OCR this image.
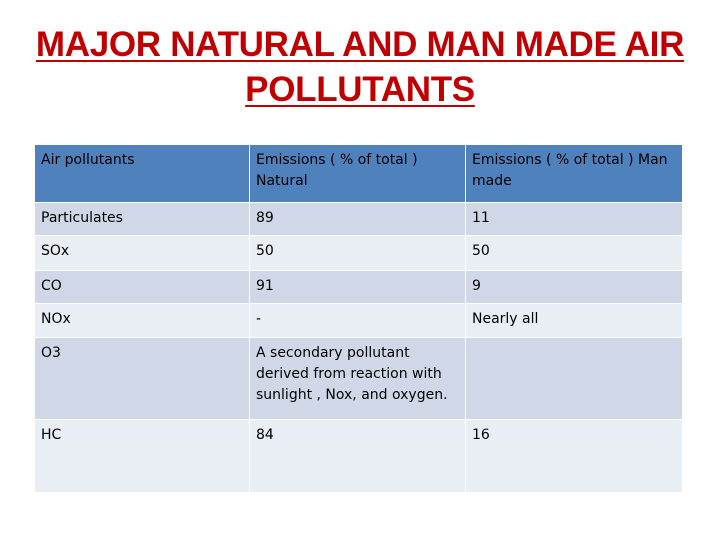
MAJOR NATURAL AND MAN MADE AIR
POLLUTANTS
Air pollutants	Emissions ( % of total ) Natural	Emissions ( % of total ) Man made
Particulates	89	11
SOx	50	50
CO	91	9
NOx	-	Nearly all
O3	A secondary pollutant derived from reaction with sunlight , Nox, and oxygen.	
HC	84	16
